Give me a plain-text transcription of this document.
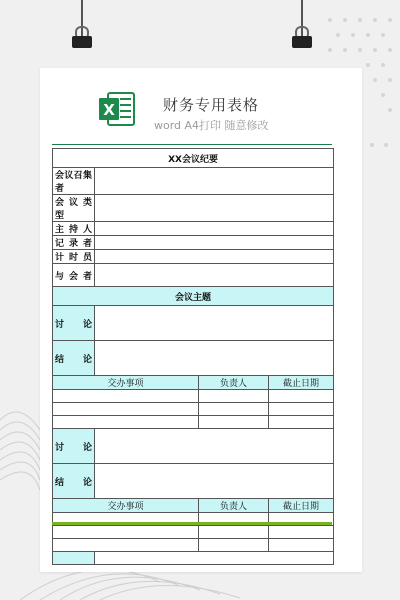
X	财务专用表格
word A4打印 随意修改
XX会议纪要			
会议召集者			
会 议 类 型			
主 持 人			
记 录 者			
计 时 员			
与 会 者			
会议主题			
讨 论			
结 论			
交办事项		负责人	截止日期

讨 论			
结 论			
交办事项		负责人	截止日期
